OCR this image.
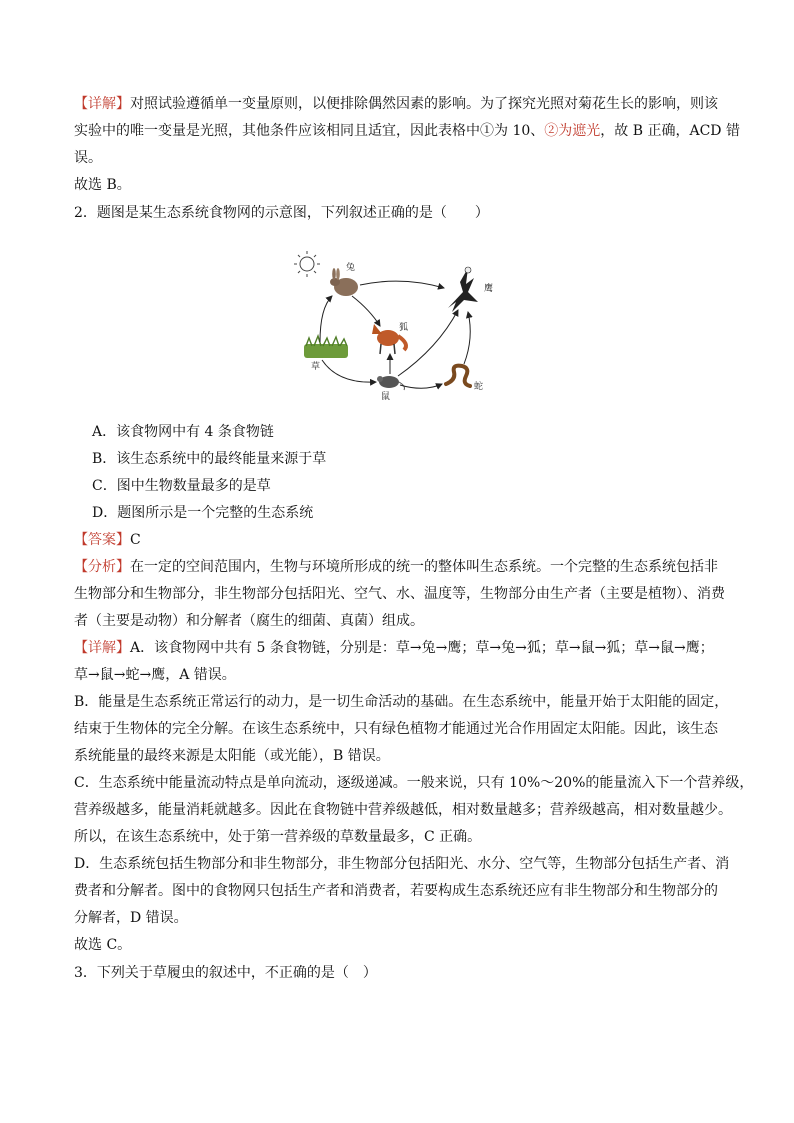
【详解】对照试验遵循单一变量原则，以便排除偶然因素的影响。为了探究光照对菊花生长的影响，则该
实验中的唯一变量是光照，其他条件应该相同且适宜，因此表格中①为 10、②为遮光，故 B 正确，ACD 错
误。
故选 B。
2．题图是某生态系统食物网的示意图，下列叙述正确的是（　　）
兔
鹰
狐
草
鼠
蛇
A．该食物网中有 4 条食物链
B．该生态系统中的最终能量来源于草
C．图中生物数量最多的是草
D．题图所示是一个完整的生态系统
【答案】C
【分析】在一定的空间范围内，生物与环境所形成的统一的整体叫生态系统。一个完整的生态系统包括非
生物部分和生物部分，非生物部分包括阳光、空气、水、温度等，生物部分由生产者（主要是植物）、消费
者（主要是动物）和分解者（腐生的细菌、真菌）组成。
【详解】A．该食物网中共有 5 条食物链，分别是：草→兔→鹰；草→兔→狐；草→鼠→狐；草→鼠→鹰；
草→鼠→蛇→鹰，A 错误。
B．能量是生态系统正常运行的动力，是一切生命活动的基础。在生态系统中，能量开始于太阳能的固定，
结束于生物体的完全分解。在该生态系统中，只有绿色植物才能通过光合作用固定太阳能。因此，该生态
系统能量的最终来源是太阳能（或光能），B 错误。
C．生态系统中能量流动特点是单向流动，逐级递减。一般来说，只有 10%～20%的能量流入下一个营养级，
营养级越多，能量消耗就越多。因此在食物链中营养级越低，相对数量越多；营养级越高，相对数量越少。
所以，在该生态系统中，处于第一营养级的草数量最多，C 正确。
D．生态系统包括生物部分和非生物部分，非生物部分包括阳光、水分、空气等，生物部分包括生产者、消
费者和分解者。图中的食物网只包括生产者和消费者，若要构成生态系统还应有非生物部分和生物部分的
分解者，D 错误。
故选 C。
3．下列关于草履虫的叙述中，不正确的是（　）
